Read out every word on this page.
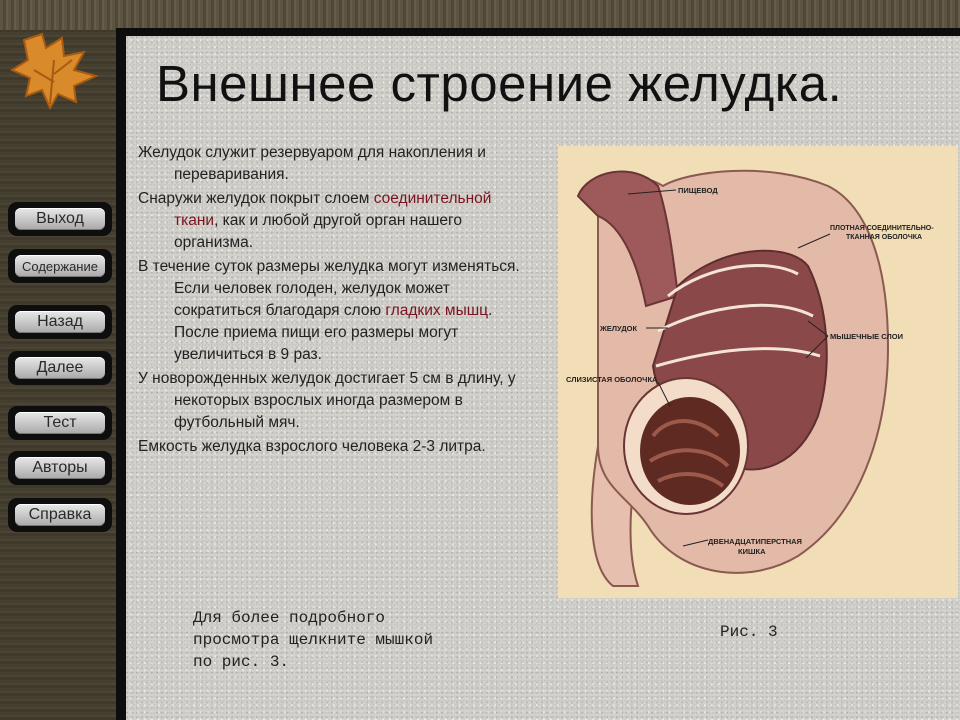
Выход
Содержание
Назад
Далее
Тест
Авторы
Справка
Внешнее строение желудка.

Желудок служит резервуаром для накопления и переваривания.

Снаружи желудок покрыт слоем соединительной ткани, как и любой другой орган нашего организма.

В течение суток размеры желудка могут изменяться. Если человек голоден, желудок может сократиться благодаря слою гладких мышц. После приема пищи его размеры могут увеличиться в 9 раз.

У новорожденных желудок достигает 5 см в длину, у некоторых взрослых иногда размером в футбольный мяч.

Емкость желудка взрослого человека 2-3 литра.

ПИЩЕВОД
ПЛОТНАЯ СОЕДИНИТЕЛЬНО-
ТКАННАЯ ОБОЛОЧКА
ЖЕЛУДОК
МЫШЕЧНЫЕ СЛОИ
СЛИЗИСТАЯ ОБОЛОЧКА
ДВЕНАДЦАТИПЕРСТНАЯ
КИШКА
Для более подробного
просмотра щелкните мышкой
по рис. 3.
Рис. 3
